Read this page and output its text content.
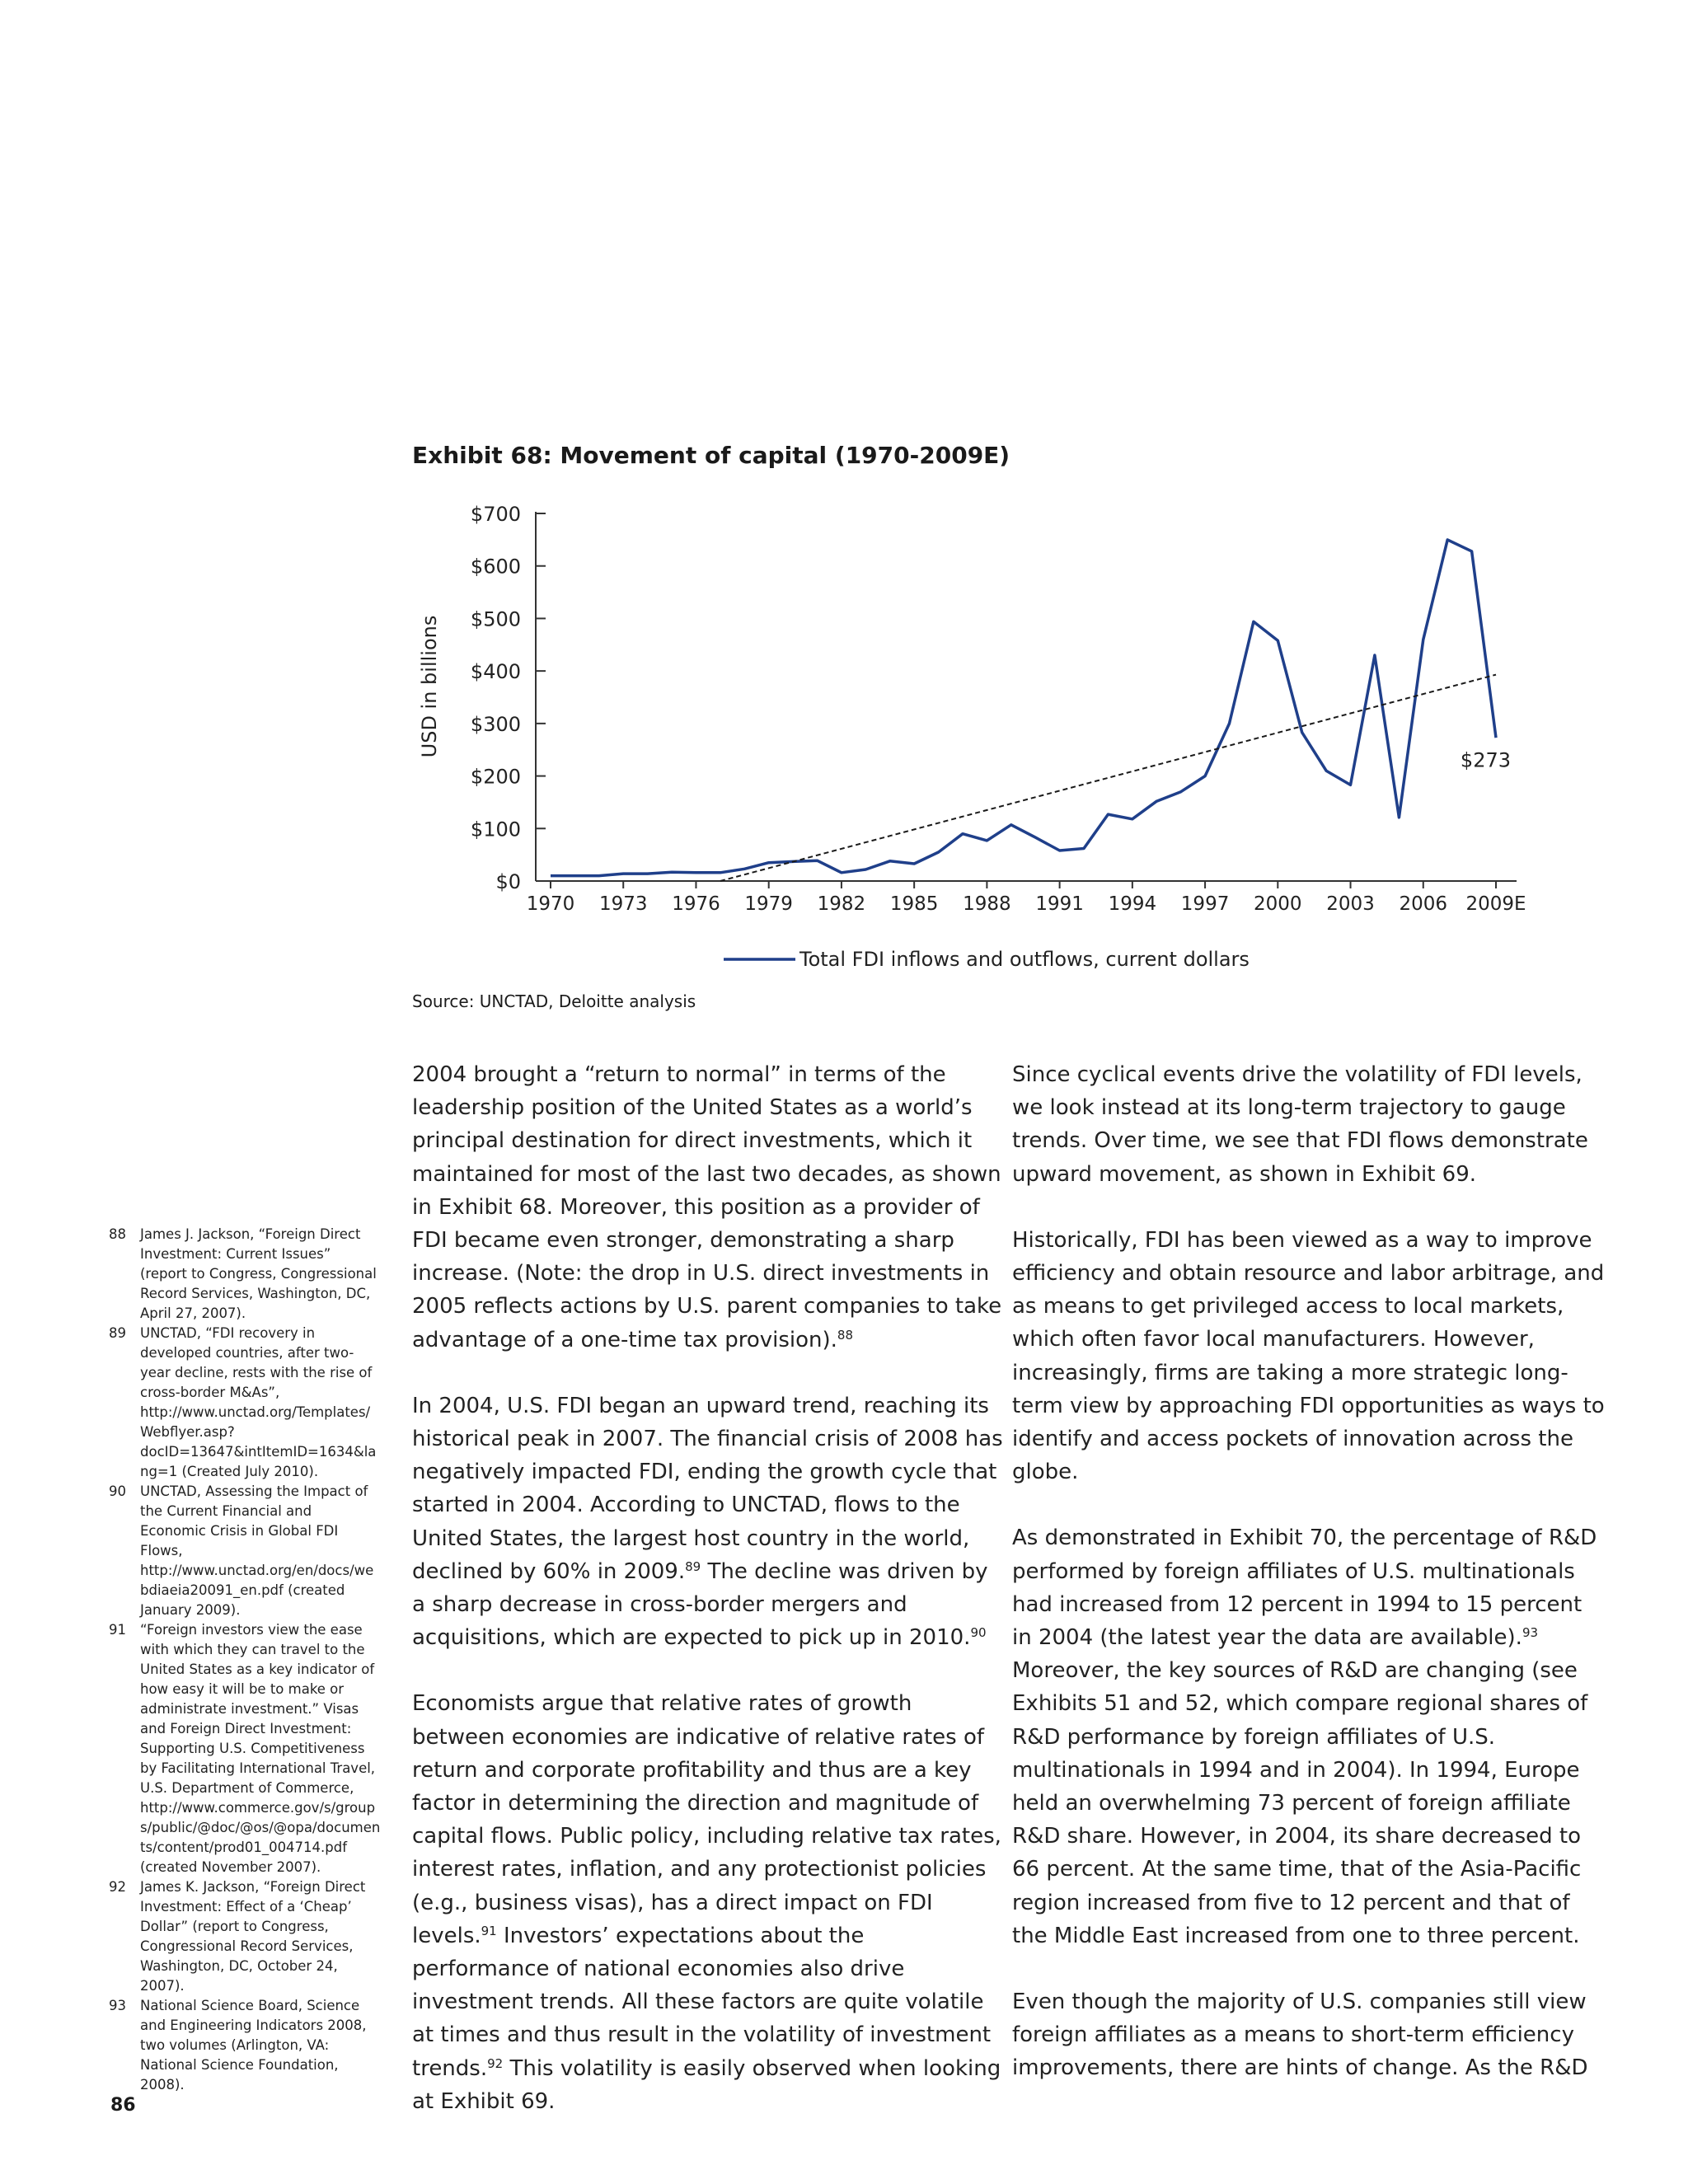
Exhibit 68: Movement of capital (1970-2009E)
$0
$100
$200
$300
$400
$500
$600
$700
USD in billions
1970 1973 1976 1979 1982 1985 1988 1991 1994 1997 2000 2003 2006 2009E
$273
Total FDI inflows and outflows, current dollars
Source: UNCTAD, Deloitte analysis

2004 brought a “return to normal” in terms of the leadership position of the United States as a world’s principal destination for direct investments, which it maintained for most of the last two decades, as shown in Exhibit 68. Moreover, this position as a provider of FDI became even stronger, demonstrating a sharp increase. (Note: the drop in U.S. direct investments in 2005 reflects actions by U.S. parent companies to take advantage of a one-time tax provision).$^{88}$

In 2004, U.S. FDI began an upward trend, reaching its historical peak in 2007. The financial crisis of 2008 has negatively impacted FDI, ending the growth cycle that started in 2004. According to UNCTAD, flows to the United States, the largest host country in the world, declined by 60% in 2009.89 The decline was driven by a sharp decrease in cross-border mergers and acquisitions, which are expected to pick up in 2010.90

Economists argue that relative rates of growth between economies are indicative of relative rates of return and corporate profitability and thus are a key factor in determining the direction and magnitude of capital flows. Public policy, including relative tax rates, interest rates, inflation, and any protectionist policies (e.g., business visas), has a direct impact on FDI levels.$^{91}$ Investors’ expectations about the performance of national economies also drive investment trends. All these factors are quite volatile at times and thus result in the volatility of investment trends.$^{92}$ This volatility is easily observed when looking at Exhibit 69.

Since cyclical events drive the volatility of FDI levels, we look instead at its long-term trajectory to gauge trends. Over time, we see that FDI flows demonstrate upward movement, as shown in Exhibit 69.

Historically, FDI has been viewed as a way to improve efficiency and obtain resource and labor arbitrage, and as means to get privileged access to local markets, which often favor local manufacturers. However, increasingly, firms are taking a more strategic long-term view by approaching FDI opportunities as ways to identify and access pockets of innovation across the globe.

As demonstrated in Exhibit 70, the percentage of R&D performed by foreign affiliates of U.S. multinationals had increased from 12 percent in 1994 to 15 percent in 2004 (the latest year the data are available).$^{93}$ Moreover, the key sources of R&D are changing (see Exhibits 51 and 52, which compare regional shares of R&D performance by foreign affiliates of U.S. multinationals in 1994 and in 2004). In 1994, Europe held an overwhelming 73 percent of foreign affiliate R&D share. However, in 2004, its share decreased to 66 percent. At the same time, that of the Asia-Pacific region increased from five to 12 percent and that of the Middle East increased from one to three percent.

Even though the majority of U.S. companies still view foreign affiliates as a means to short-term efficiency improvements, there are hints of change. As the R&D

88	James J. Jackson, “Foreign Direct Investment: Current Issues” (report to Congress, Congressional Record Services, Washington, DC, April 27, 2007).
89	UNCTAD, “FDI recovery in developed countries, after two-year decline, rests with the rise of cross-border M&As”, http://www.unctad.org/Templates/Webflyer.asp?docID=13647&intItemID=1634&lang=1 (Created July 2010).
90	UNCTAD, Assessing the Impact of the Current Financial and Economic Crisis in Global FDI Flows, http://www.unctad.org/en/docs/webdiaeia20091_en.pdf (created January 2009).
91	“Foreign investors view the ease with which they can travel to the United States as a key indicator of how easy it will be to make or administrate investment.” Visas and Foreign Direct Investment: Supporting U.S. Competitiveness by Facilitating International Travel, U.S. Department of Commerce, http://www.commerce.gov/s/groups/public/@doc/@os/@opa/documents/content/prod01_004714.pdf (created November 2007).
92	James K. Jackson, “Foreign Direct Investment: Effect of a ‘Cheap’ Dollar” (report to Congress, Congressional Record Services, Washington, DC, October 24, 2007).
93	National Science Board, Science and Engineering Indicators 2008, two volumes (Arlington, VA: National Science Foundation, 2008).
86
